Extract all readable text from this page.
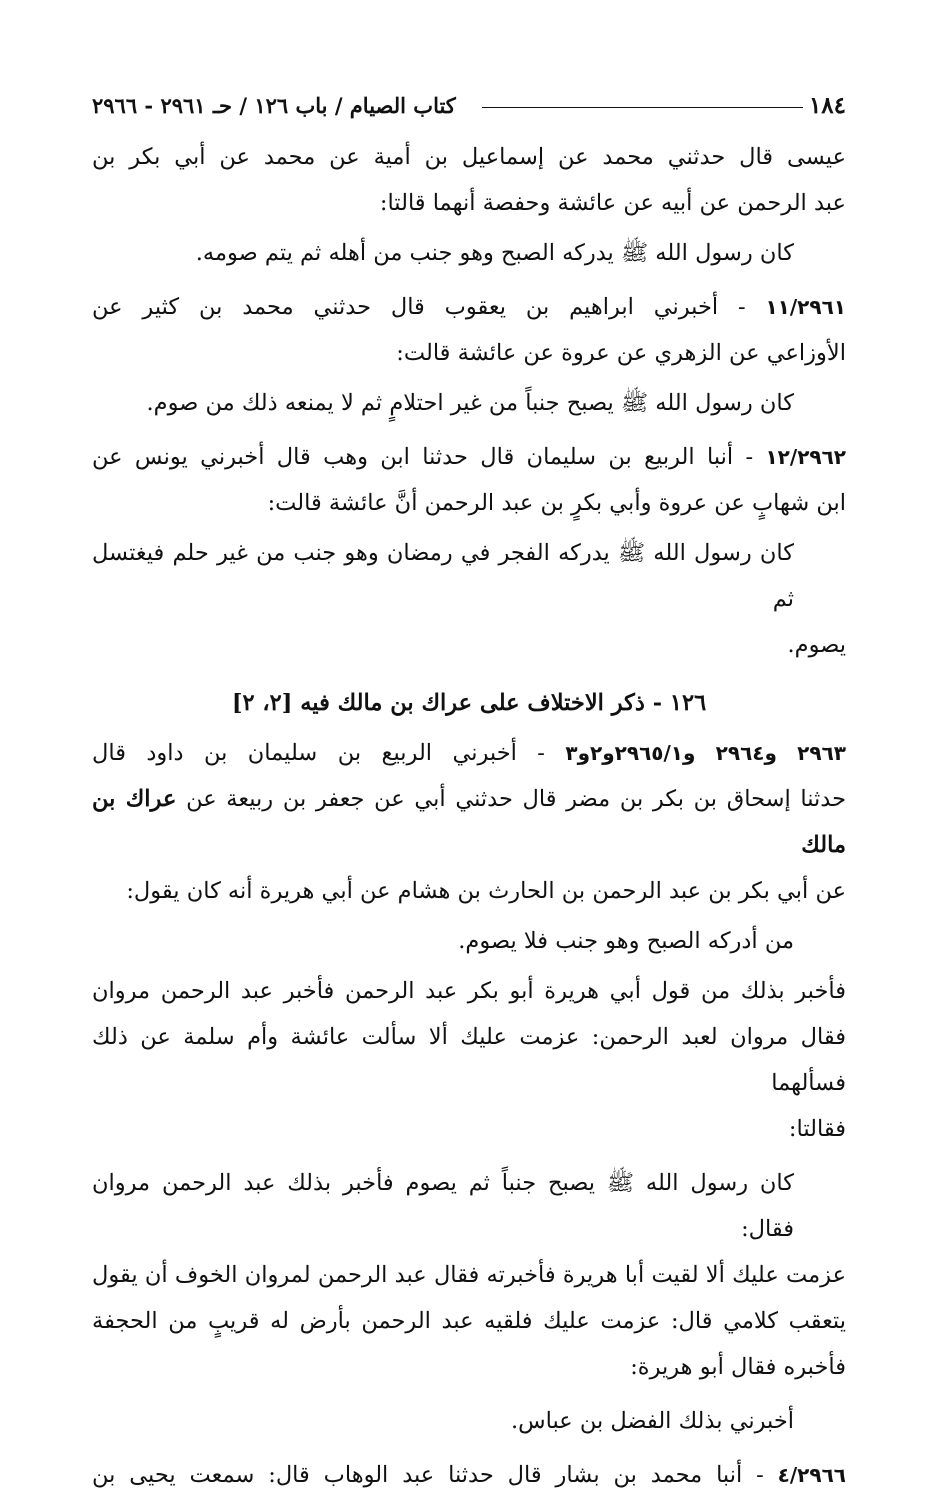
١٨٤
كتاب الصيام / باب ١٢٦ / حـ ٢٩٦١ - ٢٩٦٦

عيسى قال حدثني محمد عن إسماعيل بن أمية عن محمد عن أبي بكر بن

عبد الرحمن عن أبيه عن عائشة وحفصة أنهما قالتا:

كان رسول الله ﷺ يدركه الصبح وهو جنب من أهله ثم يتم صومه.

١١/٢٩٦١ - أخبرني ابراهيم بن يعقوب قال حدثني محمد بن كثير عن

الأوزاعي عن الزهري عن عروة عن عائشة قالت:

كان رسول الله ﷺ يصبح جنباً من غير احتلامٍ ثم لا يمنعه ذلك من صوم.

١٢/٢٩٦٢ - أنبا الربيع بن سليمان قال حدثنا ابن وهب قال أخبرني يونس عن

ابن شهابٍ عن عروة وأبي بكرٍ بن عبد الرحمن أنَّ عائشة قالت:

كان رسول الله ﷺ يدركه الفجر في رمضان وهو جنب من غير حلم فيغتسل ثم

يصوم.

١٢٦ - ذكر الاختلاف على عراك بن مالك فيه [٢، ٢]

٢٩٦٣ و٢٩٦٤ و٢٩٦٥/١و٢و٣ - أخبرني الربيع بن سليمان بن داود قال

حدثنا إسحاق بن بكر بن مضر قال حدثني أبي عن جعفر بن ربيعة عن عراك بن مالك

عن أبي بكر بن عبد الرحمن بن الحارث بن هشام عن أبي هريرة أنه كان يقول:

من أدركه الصبح وهو جنب فلا يصوم.

فأخبر بذلك من قول أبي هريرة أبو بكر عبد الرحمن فأخبر عبد الرحمن مروان

فقال مروان لعبد الرحمن: عزمت عليك ألا سألت عائشة وأم سلمة عن ذلك فسألهما

فقالتا:

كان رسول الله ﷺ يصبح جنباً ثم يصوم فأخبر بذلك عبد الرحمن مروان فقال:

عزمت عليك ألا لقيت أبا هريرة فأخبرته فقال عبد الرحمن لمروان الخوف أن يقول

يتعقب كلامي قال: عزمت عليك فلقيه عبد الرحمن بأرض له قريبٍ من الحجفة

فأخبره فقال أبو هريرة:

أخبرني بذلك الفضل بن عباس.

٤/٢٩٦٦ - أنبا محمد بن بشار قال حدثنا عبد الوهاب قال: سمعت يحيى بن
